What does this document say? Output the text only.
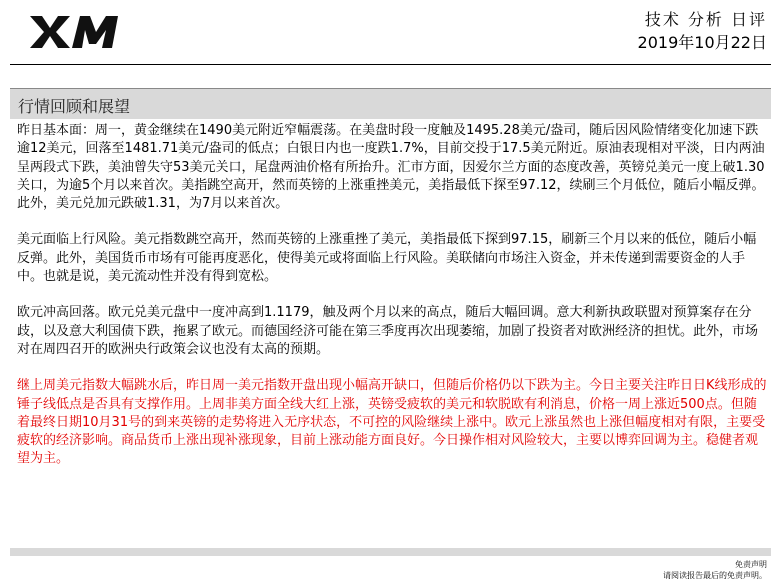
技术 分析 日评
2019年10月22日
行情回顾和展望

昨日基本面：周一，黄金继续在1490美元附近窄幅震荡。在美盘时段一度触及1495.28美元/盎司，随后因风险情绪变化加速下跌逾12美元，回落至1481.71美元/盎司的低点；白银日内也一度跌1.7%，目前交投于17.5美元附近。原油表现相对平淡，日内两油呈两段式下跌，美油曾失守53美元关口，尾盘两油价格有所抬升。汇市方面，因爱尔兰方面的态度改善，英镑兑美元一度上破1.30关口，为逾5个月以来首次。美指跳空高开，然而英镑的上涨重挫美元，美指最低下探至97.12，续刷三个月低位，随后小幅反弹。此外，美元兑加元跌破1.31，为7月以来首次。

美元面临上行风险。美元指数跳空高开，然而英镑的上涨重挫了美元，美指最低下探到97.15，刷新三个月以来的低位，随后小幅反弹。此外，美国货币市场有可能再度恶化，使得美元或将面临上行风险。美联储向市场注入资金，并未传递到需要资金的人手中。也就是说，美元流动性并没有得到宽松。

欧元冲高回落。欧元兑美元盘中一度冲高到1.1179，触及两个月以来的高点，随后大幅回调。意大利新执政联盟对预算案存在分歧，以及意大利国债下跌，拖累了欧元。而德国经济可能在第三季度再次出现萎缩，加剧了投资者对欧洲经济的担忧。此外，市场对在周四召开的欧洲央行政策会议也没有太高的预期。

继上周美元指数大幅跳水后，昨日周一美元指数开盘出现小幅高开缺口，但随后价格仍以下跌为主。今日主要关注昨日日K线形成的锤子线低点是否具有支撑作用。上周非美方面全线大红上涨，英镑受疲软的美元和软脱欧有利消息，价格一周上涨近500点。但随着最终日期10月31号的到来英镑的走势将进入无序状态，不可控的风险继续上涨中。欧元上涨虽然也上涨但幅度相对有限，主要受疲软的经济影响。商品货币上涨出现补涨现象，目前上涨动能方面良好。今日操作相对风险较大，主要以博弈回调为主。稳健者观望为主。

免责声明
请阅读报告最后的免责声明。
